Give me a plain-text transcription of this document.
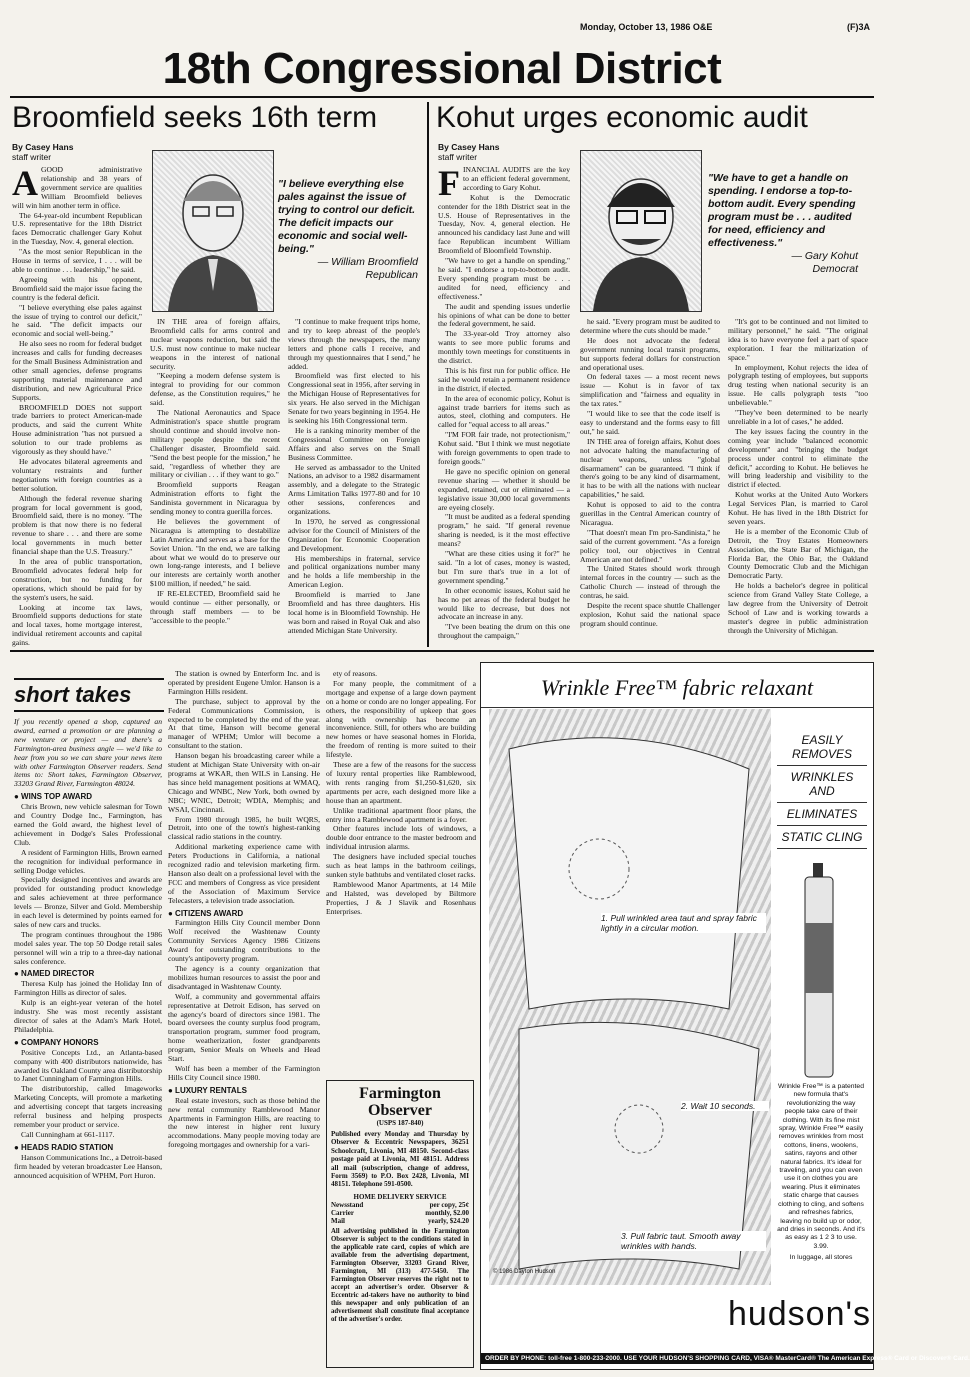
Monday, October 13, 1986 O&E	(F)3A
18th Congressional District
Broomfield seeks 16th term
By Casey Hans
staff writer
A GOOD administrative relationship and 38 years of government service are qualities William Broomfield believes will win him another term in office.

The 64-year-old incumbent Republican U.S. representative for the 18th District faces Democratic challenger Gary Kohut in the Tuesday, Nov. 4, general election.

"As the most senior Republican in the House in terms of service, I . . . will be able to continue . . . leadership," he said.

Agreeing with his opponent, Broomfield said the major issue facing the country is the federal deficit.

"I believe everything else pales against the issue of trying to control our deficit," he said. "The deficit impacts our economic and social well-being."

He also sees no room for federal budget increases and calls for funding decreases for the Small Business Administration and other small agencies, defense programs supporting material maintenance and distribution, and new Agricultural Price Supports.

BROOMFIELD DOES not support trade barriers to protect American-made products, and said the current White House administration "has not pursued a solution to our trade problems as vigorously as they should have."

He advocates bilateral agreements and voluntary restraints and further negotiations with foreign countries as a better solution.

Although the federal revenue sharing program for local government is good, Broomfield said, there is no money. "The problem is that now there is no federal revenue to share . . . and there are some local governments in much better financial shape than the U.S. Treasury."

In the area of public transportation, Broomfield advocates federal help for construction, but no funding for operations, which should be paid for by the system's users, he said.

Looking at income tax laws, Broomfield supports deductions for state and local taxes, home mortgage interest, individual retirement accounts and capital gains.

"I believe everything else pales against the issue of trying to control our deficit. The deficit impacts our economic and social well-being."
— William Broomfield
Republican

IN THE area of foreign affairs, Broomfield calls for arms control and nuclear weapons reduction, but said the U.S. must now continue to make nuclear weapons in the interest of national security.

"Keeping a modern defense system is integral to providing for our common defense, as the Constitution requires," he said.

The National Aeronautics and Space Administration's space shuttle program should continue and should involve non-military people despite the recent Challenger disaster, Broomfield said. "Send the best people for the mission," he said, "regardless of whether they are military or civilian . . . if they want to go."

Broomfield supports Reagan Administration efforts to fight the Sandinista government in Nicaragua by sending money to contra guerilla forces.

He believes the government of Nicaragua is attempting to destabilize Latin America and serves as a base for the Soviet Union. "In the end, we are talking about what we would do to preserve our own long-range interests, and I believe our interests are certainly worth another $100 million, if needed," he said.

IF RE-ELECTED, Broomfield said he would continue — either personally, or through staff members — to be "accessible to the people."

"I continue to make frequent trips home, and try to keep abreast of the people's views through the newspapers, the many letters and phone calls I receive, and through my questionnaires that I send," he added.

Broomfield was first elected to his Congressional seat in 1956, after serving in the Michigan House of Representatives for six years. He also served in the Michigan Senate for two years beginning in 1954. He is seeking his 16th Congressional term.

He is a ranking minority member of the Congressional Committee on Foreign Affairs and also serves on the Small Business Committee.

He served as ambassador to the United Nations, an advisor to a 1982 disarmament assembly, and a delegate to the Strategic Arms Limitation Talks 1977-80 and for 10 other sessions, conferences and organizations.

In 1970, he served as congressional advisor for the Council of Ministers of the Organization for Economic Cooperation and Development.

His memberships in fraternal, service and political organizations number many and he holds a life membership in the American Legion.

Broomfield is married to Jane Broomfield and has three daughters. His local home is in Bloomfield Township. He was born and raised in Royal Oak and also attended Michigan State University.

Kohut urges economic audit
By Casey Hans
staff writer
F INANCIAL AUDITS are the key to an efficient federal government, according to Gary Kohut.

Kohut is the Democratic contender for the 18th District seat in the U.S. House of Representatives in the Tuesday, Nov. 4, general election. He announced his candidacy last June and will face Republican incumbent William Broomfield of Bloomfield Township.

"We have to get a handle on spending," he said. "I endorse a top-to-bottom audit. Every spending program must be . . . audited for need, efficiency and effectiveness."

The audit and spending issues underlie his opinions of what can be done to better the federal government, he said.

The 33-year-old Troy attorney also wants to see more public forums and monthly town meetings for constituents in the district.

This is his first run for public office. He said he would retain a permanent residence in the district, if elected.

In the area of economic policy, Kohut is against trade barriers for items such as autos, steel, clothing and computers. He called for "equal access to all areas."

"I'M FOR fair trade, not protectionism," Kohut said. "But I think we must negotiate with foreign governments to open trade to foreign goods."

He gave no specific opinion on general revenue sharing — whether it should be expanded, retained, cut or eliminated — a legislative issue 30,000 local governments are eyeing closely.

"It must be audited as a federal spending program," he said. "If general revenue sharing is needed, is it the most effective means?

"What are these cities using it for?" he said. "In a lot of cases, money is wasted, but I'm sure that's true in a lot of government spending."

In other economic issues, Kohut said he has no pet areas of the federal budget he would like to decrease, but does not advocate an increase in any.

"I've been beating the drum on this one throughout the campaign,"

"We have to get a handle on spending. I endorse a top-to-bottom audit. Every spending program must be . . . audited for need, efficiency and effectiveness."
— Gary Kohut
Democrat

he said. "Every program must be audited to determine where the cuts should be made."

He does not advocate the federal government running local transit programs, but supports federal dollars for construction and operational uses.

On federal taxes — a most recent news issue — Kohut is in favor of tax simplification and "fairness and equality in the tax rates."

"I would like to see that the code itself is easy to understand and the forms easy to fill out," he said.

IN THE area of foreign affairs, Kohut does not advocate halting the manufacturing of nuclear weapons, unless "global disarmament" can be guaranteed. "I think if there's going to be any kind of disarmament, it has to be with all the nations with nuclear capabilities," he said.

Kohut is opposed to aid to the contra guerillas in the Central American country of Nicaragua.

"That doesn't mean I'm pro-Sandinista," he said of the current government. "As a foreign policy tool, our objectives in Central American are not defined."

The United States should work through internal forces in the country — such as the Catholic Church — instead of through the contras, he said.

Despite the recent space shuttle Challenger explosion, Kohut said the national space program should continue.

"It's got to be continued and not limited to military personnel," he said. "The original idea is to have everyone feel a part of space exploration. I fear the militarization of space."

In employment, Kohut rejects the idea of polygraph testing of employees, but supports drug testing when national security is an issue. He calls polygraph tests "too unbelievable."

"They've been determined to be nearly unreliable in a lot of cases," he added.

The key issues facing the country in the coming year include "balanced economic development" and "bringing the budget process under control to eliminate the deficit," according to Kohut. He believes he will bring leadership and visibility to the district if elected.

Kohut works at the United Auto Workers Legal Services Plan, is married to Carol Kohut. He has lived in the 18th District for seven years.

He is a member of the Economic Club of Detroit, the Troy Estates Homeowners Association, the State Bar of Michigan, the Florida Bar, the Ohio Bar, the Oakland County Democratic Club and the Michigan Democratic Party.

He holds a bachelor's degree in political science from Grand Valley State College, a law degree from the University of Detroit School of Law and is working towards a master's degree in public administration through the University of Michigan.

short takes
If you recently opened a shop, captured an award, earned a promotion or are planning a new venture or project — and there's a Farmington-area business angle — we'd like to hear from you so we can share your news item with other Farmington Observer readers. Send items to: Short takes, Farmington Observer, 33203 Grand River, Farmington 48024.
● WINS TOP AWARD

Chris Brown, new vehicle salesman for Town and Country Dodge Inc., Farmington, has earned the Gold award, the highest level of achievement in Dodge's Sales Professional Club.

A resident of Farmington Hills, Brown earned the recognition for individual performance in selling Dodge vehicles.

Specially designed incentives and awards are provided for outstanding product knowledge and sales achievement at three performance levels — Bronze, Silver and Gold. Membership in each level is determined by points earned for sales of new cars and trucks.

The program continues throughout the 1986 model sales year. The top 50 Dodge retail sales personnel will win a trip to a three-day national sales conference.

● NAMED DIRECTOR

Theresa Kulp has joined the Holiday Inn of Farmington Hills as director of sales.

Kulp is an eight-year veteran of the hotel industry. She was most recently assistant director of sales at the Adam's Mark Hotel, Philadelphia.

● COMPANY HONORS

Positive Concepts Ltd., an Atlanta-based company with 400 distributors nationwide, has awarded its Oakland County area distributorship to Janet Cunningham of Farmington Hills.

The distributorship, called Imageworks Marketing Concepts, will promote a marketing and advertising concept that targets increasing referral business and helping prospects remember your product or service.

Call Cunningham at 661-1117.

● HEADS RADIO STATION

Hanson Communications Inc., a Detroit-based firm headed by veteran broadcaster Lee Hanson, announced acquisition of WPHM, Port Huron.

The station is owned by Enterform Inc. and is operated by president Eugene Umlor. Hanson is a Farmington Hills resident.

The purchase, subject to approval by the Federal Communications Commission, is expected to be completed by the end of the year. At that time, Hanson will become general manager of WPHM; Umlor will become a consultant to the station.

Hanson began his broadcasting career while a student at Michigan State University with on-air programs at WKAR, then WILS in Lansing. He has since held management positions at WMAQ, Chicago and WNBC, New York, both owned by NBC; WNIC, Detroit; WDIA, Memphis; and WSAI, Cincinnati.

From 1980 through 1985, he built WQRS, Detroit, into one of the town's highest-ranking classical radio stations in the country.

Additional marketing experience came with Peters Productions in California, a national recognized radio and television marketing firm. Hanson also dealt on a professional level with the FCC and members of Congress as vice president of the Association of Maximum Service Telecasters, a television trade association.

● CITIZENS AWARD

Farmington Hills City Council member Donn Wolf received the Washtenaw County Community Services Agency 1986 Citizens Award for outstanding contributions to the county's antipoverty program.

The agency is a county organization that mobilizes human resources to assist the poor and disadvantaged in Washtenaw County.

Wolf, a community and governmental affairs representative at Detroit Edison, has served on the agency's board of directors since 1981. The board oversees the county surplus food program, transportation program, summer food program, home weatherization, foster grandparents program, Senior Meals on Wheels and Head Start.

Wolf has been a member of the Farmington Hills City Council since 1980.

● LUXURY RENTALS

Real estate investors, such as those behind the new rental community Ramblewood Manor Apartments in Farmington Hills, are reacting to the new interest in higher rent luxury accommodations. Many people moving today are foregoing mortgages and ownership for a vari-

ety of reasons.

For many people, the commitment of a mortgage and expense of a large down payment on a home or condo are no longer appealing. For others, the responsibility of upkeep that goes along with ownership has become an inconvenience. Still, for others who are building new homes or have seasonal homes in Florida, the freedom of renting is more suited to their lifestyle.

These are a few of the reasons for the success of luxury rental properties like Ramblewood, with rents ranging from $1,250-$1,620, six apartments per acre, each designed more like a house than an apartment.

Unlike traditional apartment floor plans, the entry into a Ramblewood apartment is a foyer.

Other features include lots of windows, a double door entrance to the master bedroom and individual intrusion alarms.

The designers have included special touches such as heat lamps in the bathroom ceilings, sunken style bathtubs and ventilated closet racks.

Ramblewood Manor Apartments, at 14 Mile and Halsted, was developed by Biltmore Properties, J & J Slavik and Rosenhaus Enterprises.

Farmington
Observer
(USPS 187-840)
Published every Monday and Thursday by Observer & Eccentric Newspapers, 36251 Schoolcraft, Livonia, MI 48150. Second-class postage paid at Livonia, MI 48151. Address all mail (subscription, change of address, Form 3569) to P.O. Box 2428, Livonia, MI 48151. Telephone 591-0500.
HOME DELIVERY SERVICE
Newsstand	per copy, 25¢
Carrier	monthly, $2.00
Mail	yearly, $24.20
All advertising published in the Farmington Observer is subject to the conditions stated in the applicable rate card, copies of which are available from the advertising department, Farmington Observer, 33203 Grand River, Farmington, MI (313) 477-5450. The Farmington Observer reserves the right not to accept an advertiser's order. Observer & Eccentric ad-takers have no authority to bind this newspaper and only publication of an advertisement shall constitute final acceptance of the advertiser's order.
Wrinkle Free™ fabric relaxant
1. Pull wrinkled area taut and spray fabric lightly in a circular motion.
2. Wait 10 seconds.
3. Pull fabric taut. Smooth away wrinkles with hands.
© 1986 Dayton Hudson
EASILY REMOVES
WRINKLES AND
ELIMINATES
STATIC CLING
Wrinkle Free™ is a patented new formula that's revolutionizing the way people take care of their clothing. With its fine mist spray, Wrinkle Free™ easily removes wrinkles from most cottons, linens, woolens, satins, rayons and other natural fabrics. It's ideal for traveling, and you can even use it on clothes you are wearing. Plus it eliminates static charge that causes clothing to cling, and softens and refreshes fabrics, leaving no build up or odor, and dries in seconds. And it's as easy as 1 2 3 to use. 3.99.
In luggage, all stores
hudson's
ORDER BY PHONE: toll-free 1-800-233-2000. USE YOUR HUDSON'S SHOPPING CARD, VISA® MasterCard® The American Express® Card or Discover® Card.
